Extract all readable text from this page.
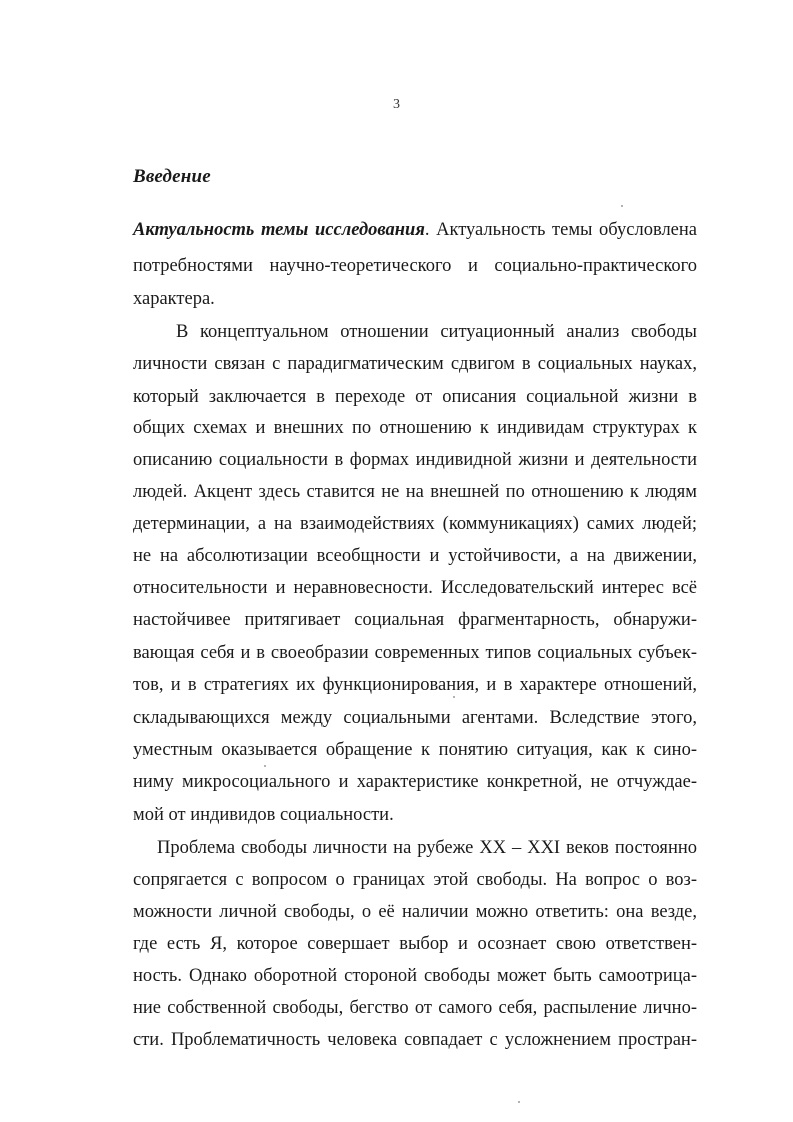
3
Введение
Актуальность темы исследования. Актуальность темы обусловлена
потребностями научно-теоретического и социально-практического
характера.
В концептуальном отношении ситуационный анализ свободы
личности связан с парадигматическим сдвигом в социальных науках,
который заключается в переходе от описания социальной жизни в
общих схемах и внешних по отношению к индивидам структурах к
описанию социальности в формах индивидной жизни и деятельности
людей. Акцент здесь ставится не на внешней по отношению к людям
детерминации, а на взаимодействиях (коммуникациях) самих людей;
не на абсолютизации всеобщности и устойчивости, а на движении,
относительности и неравновесности. Исследовательский интерес всё
настойчивее притягивает социальная фрагментарность, обнаружи-
вающая себя и в своеобразии современных типов социальных субъек-
тов, и в стратегиях их функционирования, и в характере отношений,
складывающихся между социальными агентами. Вследствие этого,
уместным оказывается обращение к понятию ситуация, как к сино-
ниму микросоциального и характеристике конкретной, не отчуждае-
мой от индивидов социальности.
Проблема свободы личности на рубеже XX – XXI веков постоянно
сопрягается с вопросом о границах этой свободы. На вопрос о воз-
можности личной свободы, о её наличии можно ответить: она везде,
где есть Я, которое совершает выбор и осознает свою ответствен-
ность. Однако оборотной стороной свободы может быть самоотрица-
ние собственной свободы, бегство от самого себя, распыление лично-
сти. Проблематичность человека совпадает с усложнением простран-
